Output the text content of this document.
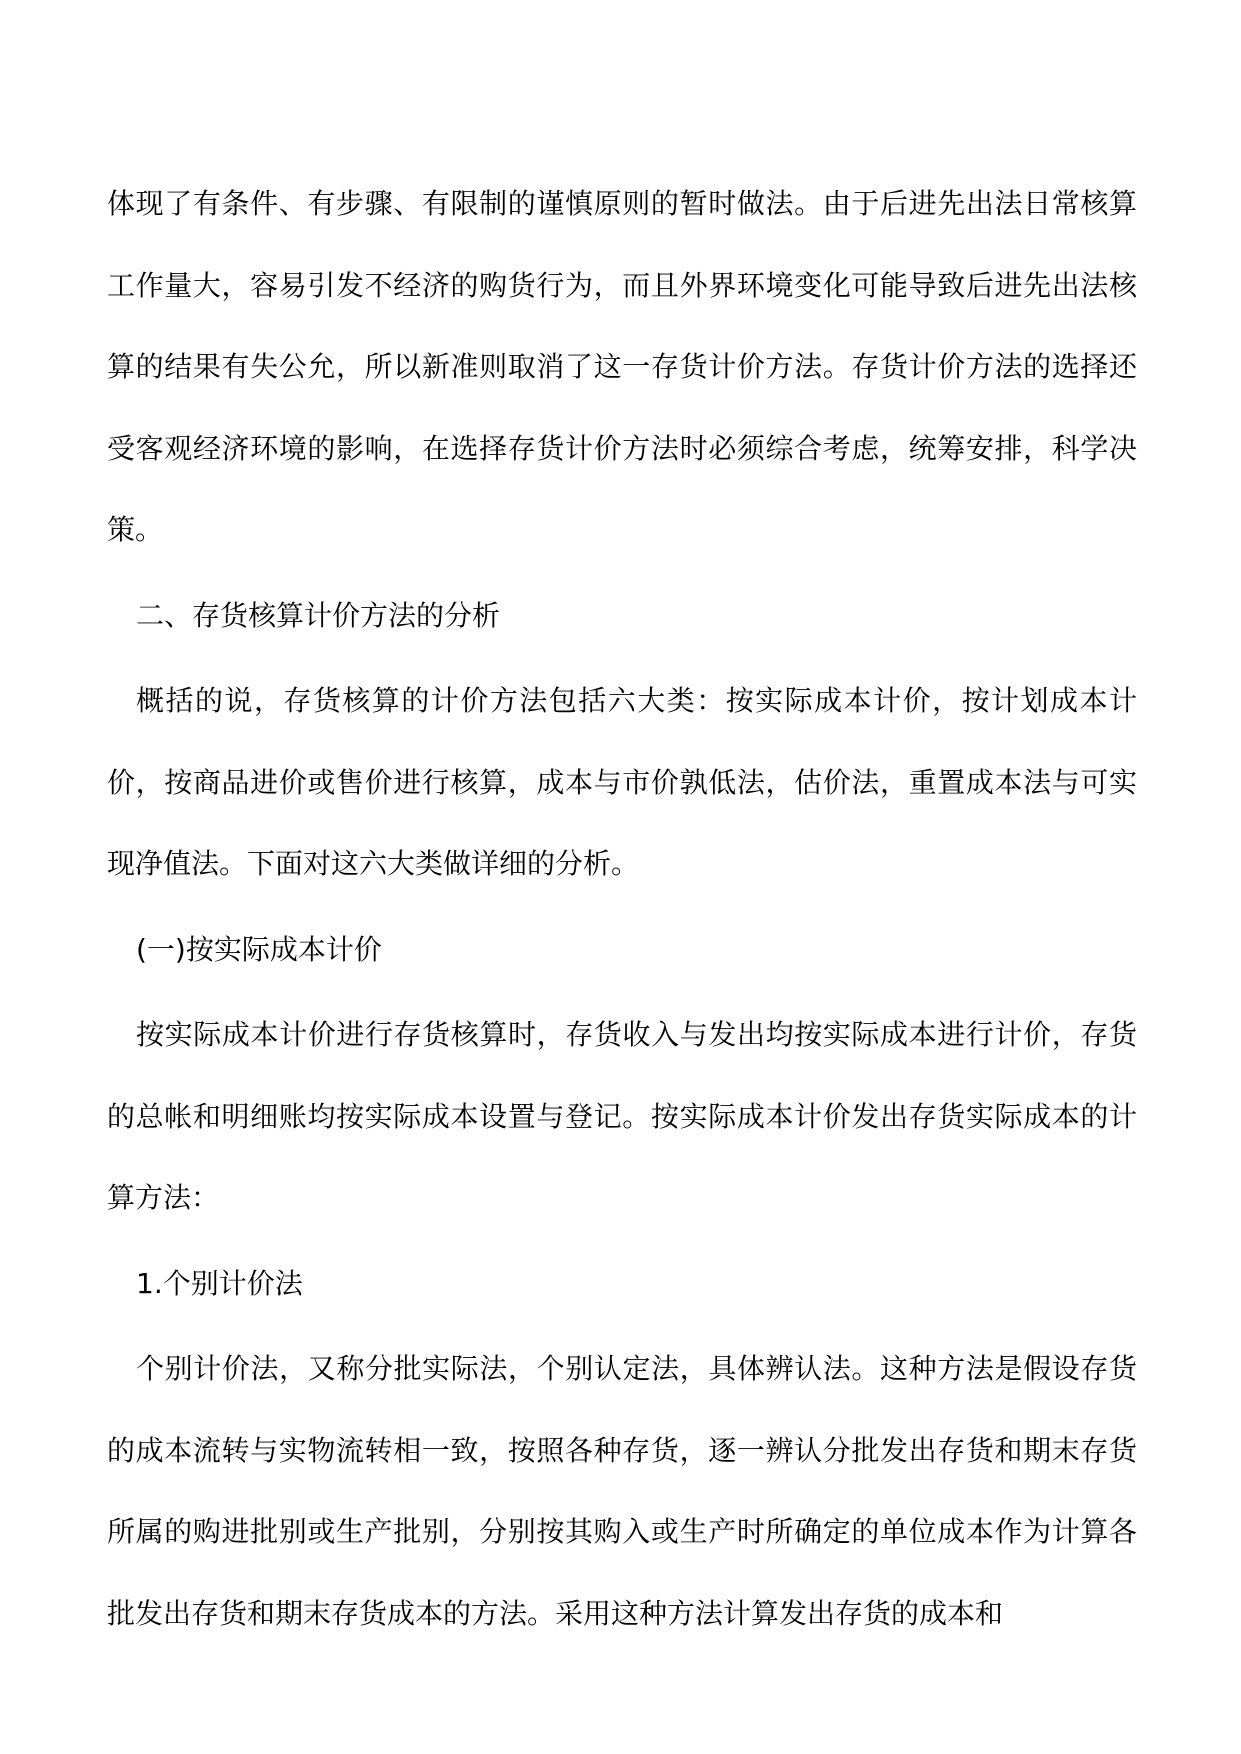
体现了有条件、有步骤、有限制的谨慎原则的暂时做法。由于后进先出法日常核算工作量大，容易引发不经济的购货行为，而且外界环境变化可能导致后进先出法核算的结果有失公允，所以新准则取消了这一存货计价方法。存货计价方法的选择还受客观经济环境的影响，在选择存货计价方法时必须综合考虑，统筹安排，科学决策。

二、存货核算计价方法的分析

概括的说，存货核算的计价方法包括六大类：按实际成本计价，按计划成本计价，按商品进价或售价进行核算，成本与市价孰低法，估价法，重置成本法与可实现净值法。下面对这六大类做详细的分析。

(一)按实际成本计价

按实际成本计价进行存货核算时，存货收入与发出均按实际成本进行计价，存货的总帐和明细账均按实际成本设置与登记。按实际成本计价发出存货实际成本的计算方法：

1.个别计价法

个别计价法，又称分批实际法，个别认定法，具体辨认法。这种方法是假设存货的成本流转与实物流转相一致，按照各种存货，逐一辨认分批发出存货和期末存货所属的购进批别或生产批别，分别按其购入或生产时所确定的单位成本作为计算各批发出存货和期末存货成本的方法。采用这种方法计算发出存货的成本和
